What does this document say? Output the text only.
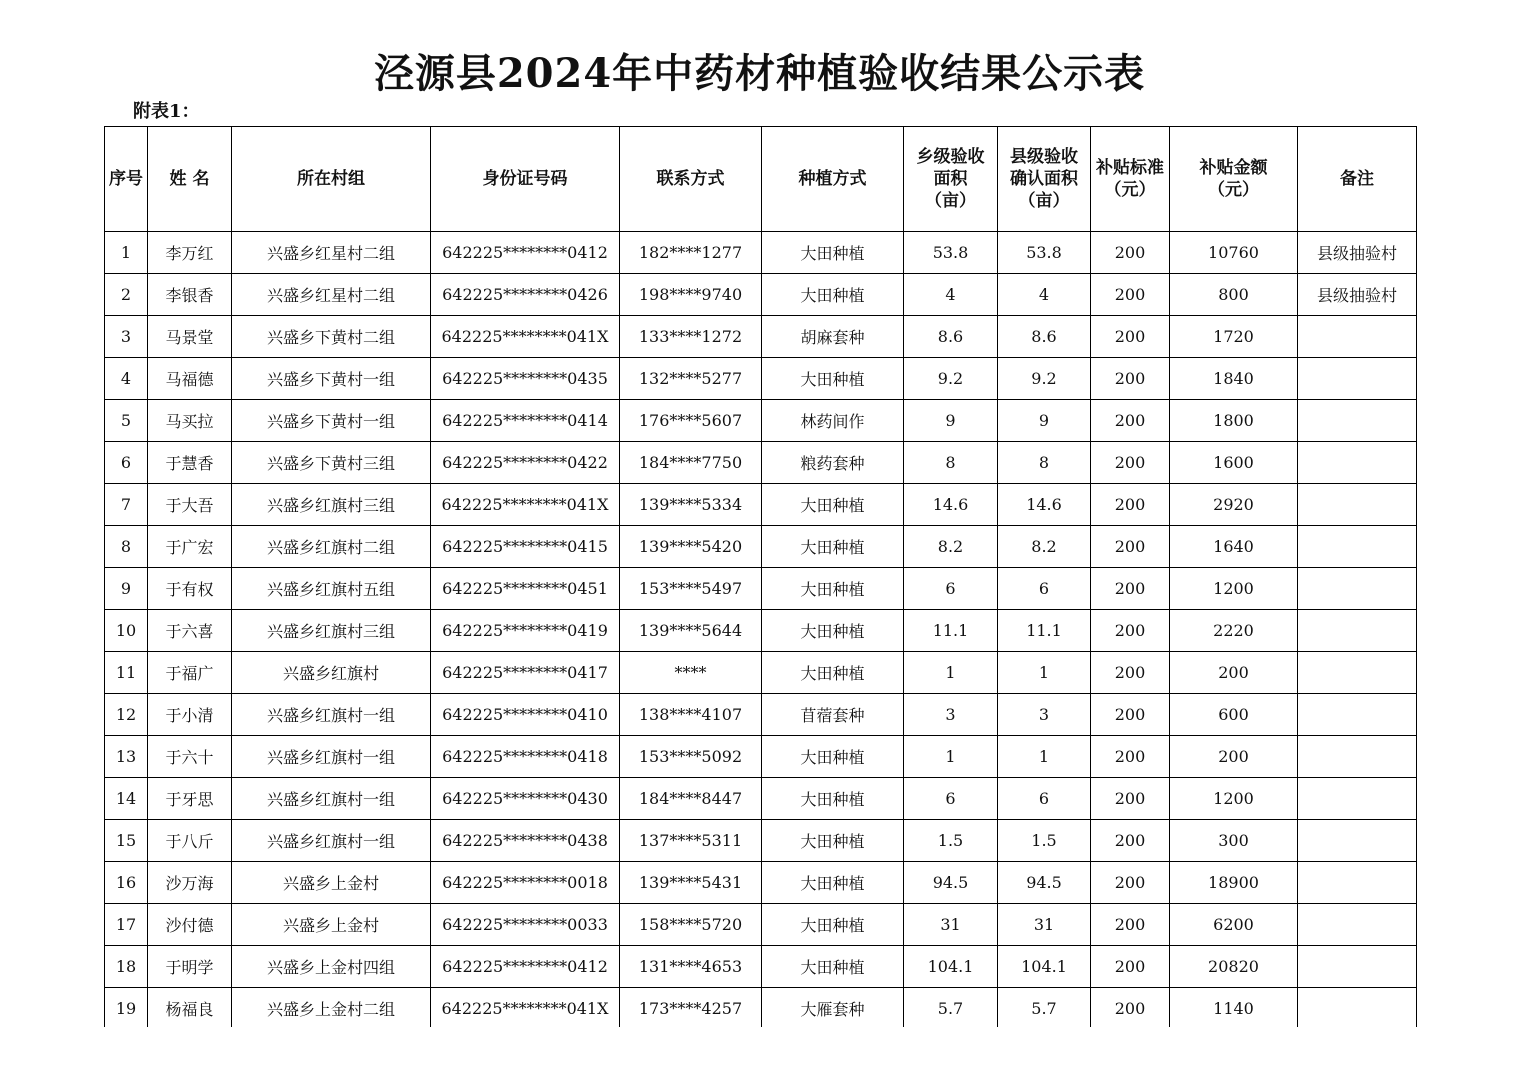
泾源县2024年中药材种植验收结果公示表
附表1：
序号	姓 名	所在村组	身份证号码	联系方式	种植方式	乡级验收
面积
（亩）	县级验收
确认面积
（亩）	补贴标准
（元）	补贴金额
（元）	备注
1	李万红	兴盛乡红星村二组	642225********0412	182****1277	大田种植	53.8	53.8	200	10760	县级抽验村
2	李银香	兴盛乡红星村二组	642225********0426	198****9740	大田种植	4	4	200	800	县级抽验村
3	马景堂	兴盛乡下黄村二组	642225********041X	133****1272	胡麻套种	8.6	8.6	200	1720	
4	马福德	兴盛乡下黄村一组	642225********0435	132****5277	大田种植	9.2	9.2	200	1840	
5	马买拉	兴盛乡下黄村一组	642225********0414	176****5607	林药间作	9	9	200	1800	
6	于慧香	兴盛乡下黄村三组	642225********0422	184****7750	粮药套种	8	8	200	1600	
7	于大吾	兴盛乡红旗村三组	642225********041X	139****5334	大田种植	14.6	14.6	200	2920	
8	于广宏	兴盛乡红旗村二组	642225********0415	139****5420	大田种植	8.2	8.2	200	1640	
9	于有权	兴盛乡红旗村五组	642225********0451	153****5497	大田种植	6	6	200	1200	
10	于六喜	兴盛乡红旗村三组	642225********0419	139****5644	大田种植	11.1	11.1	200	2220	
11	于福广	兴盛乡红旗村	642225********0417	****	大田种植	1	1	200	200	
12	于小清	兴盛乡红旗村一组	642225********0410	138****4107	苜蓿套种	3	3	200	600	
13	于六十	兴盛乡红旗村一组	642225********0418	153****5092	大田种植	1	1	200	200	
14	于牙思	兴盛乡红旗村一组	642225********0430	184****8447	大田种植	6	6	200	1200	
15	于八斤	兴盛乡红旗村一组	642225********0438	137****5311	大田种植	1.5	1.5	200	300	
16	沙万海	兴盛乡上金村	642225********0018	139****5431	大田种植	94.5	94.5	200	18900	
17	沙付德	兴盛乡上金村	642225********0033	158****5720	大田种植	31	31	200	6200	
18	于明学	兴盛乡上金村四组	642225********0412	131****4653	大田种植	104.1	104.1	200	20820	
19	杨福良	兴盛乡上金村二组	642225********041X	173****4257	大雁套种	5.7	5.7	200	1140	
